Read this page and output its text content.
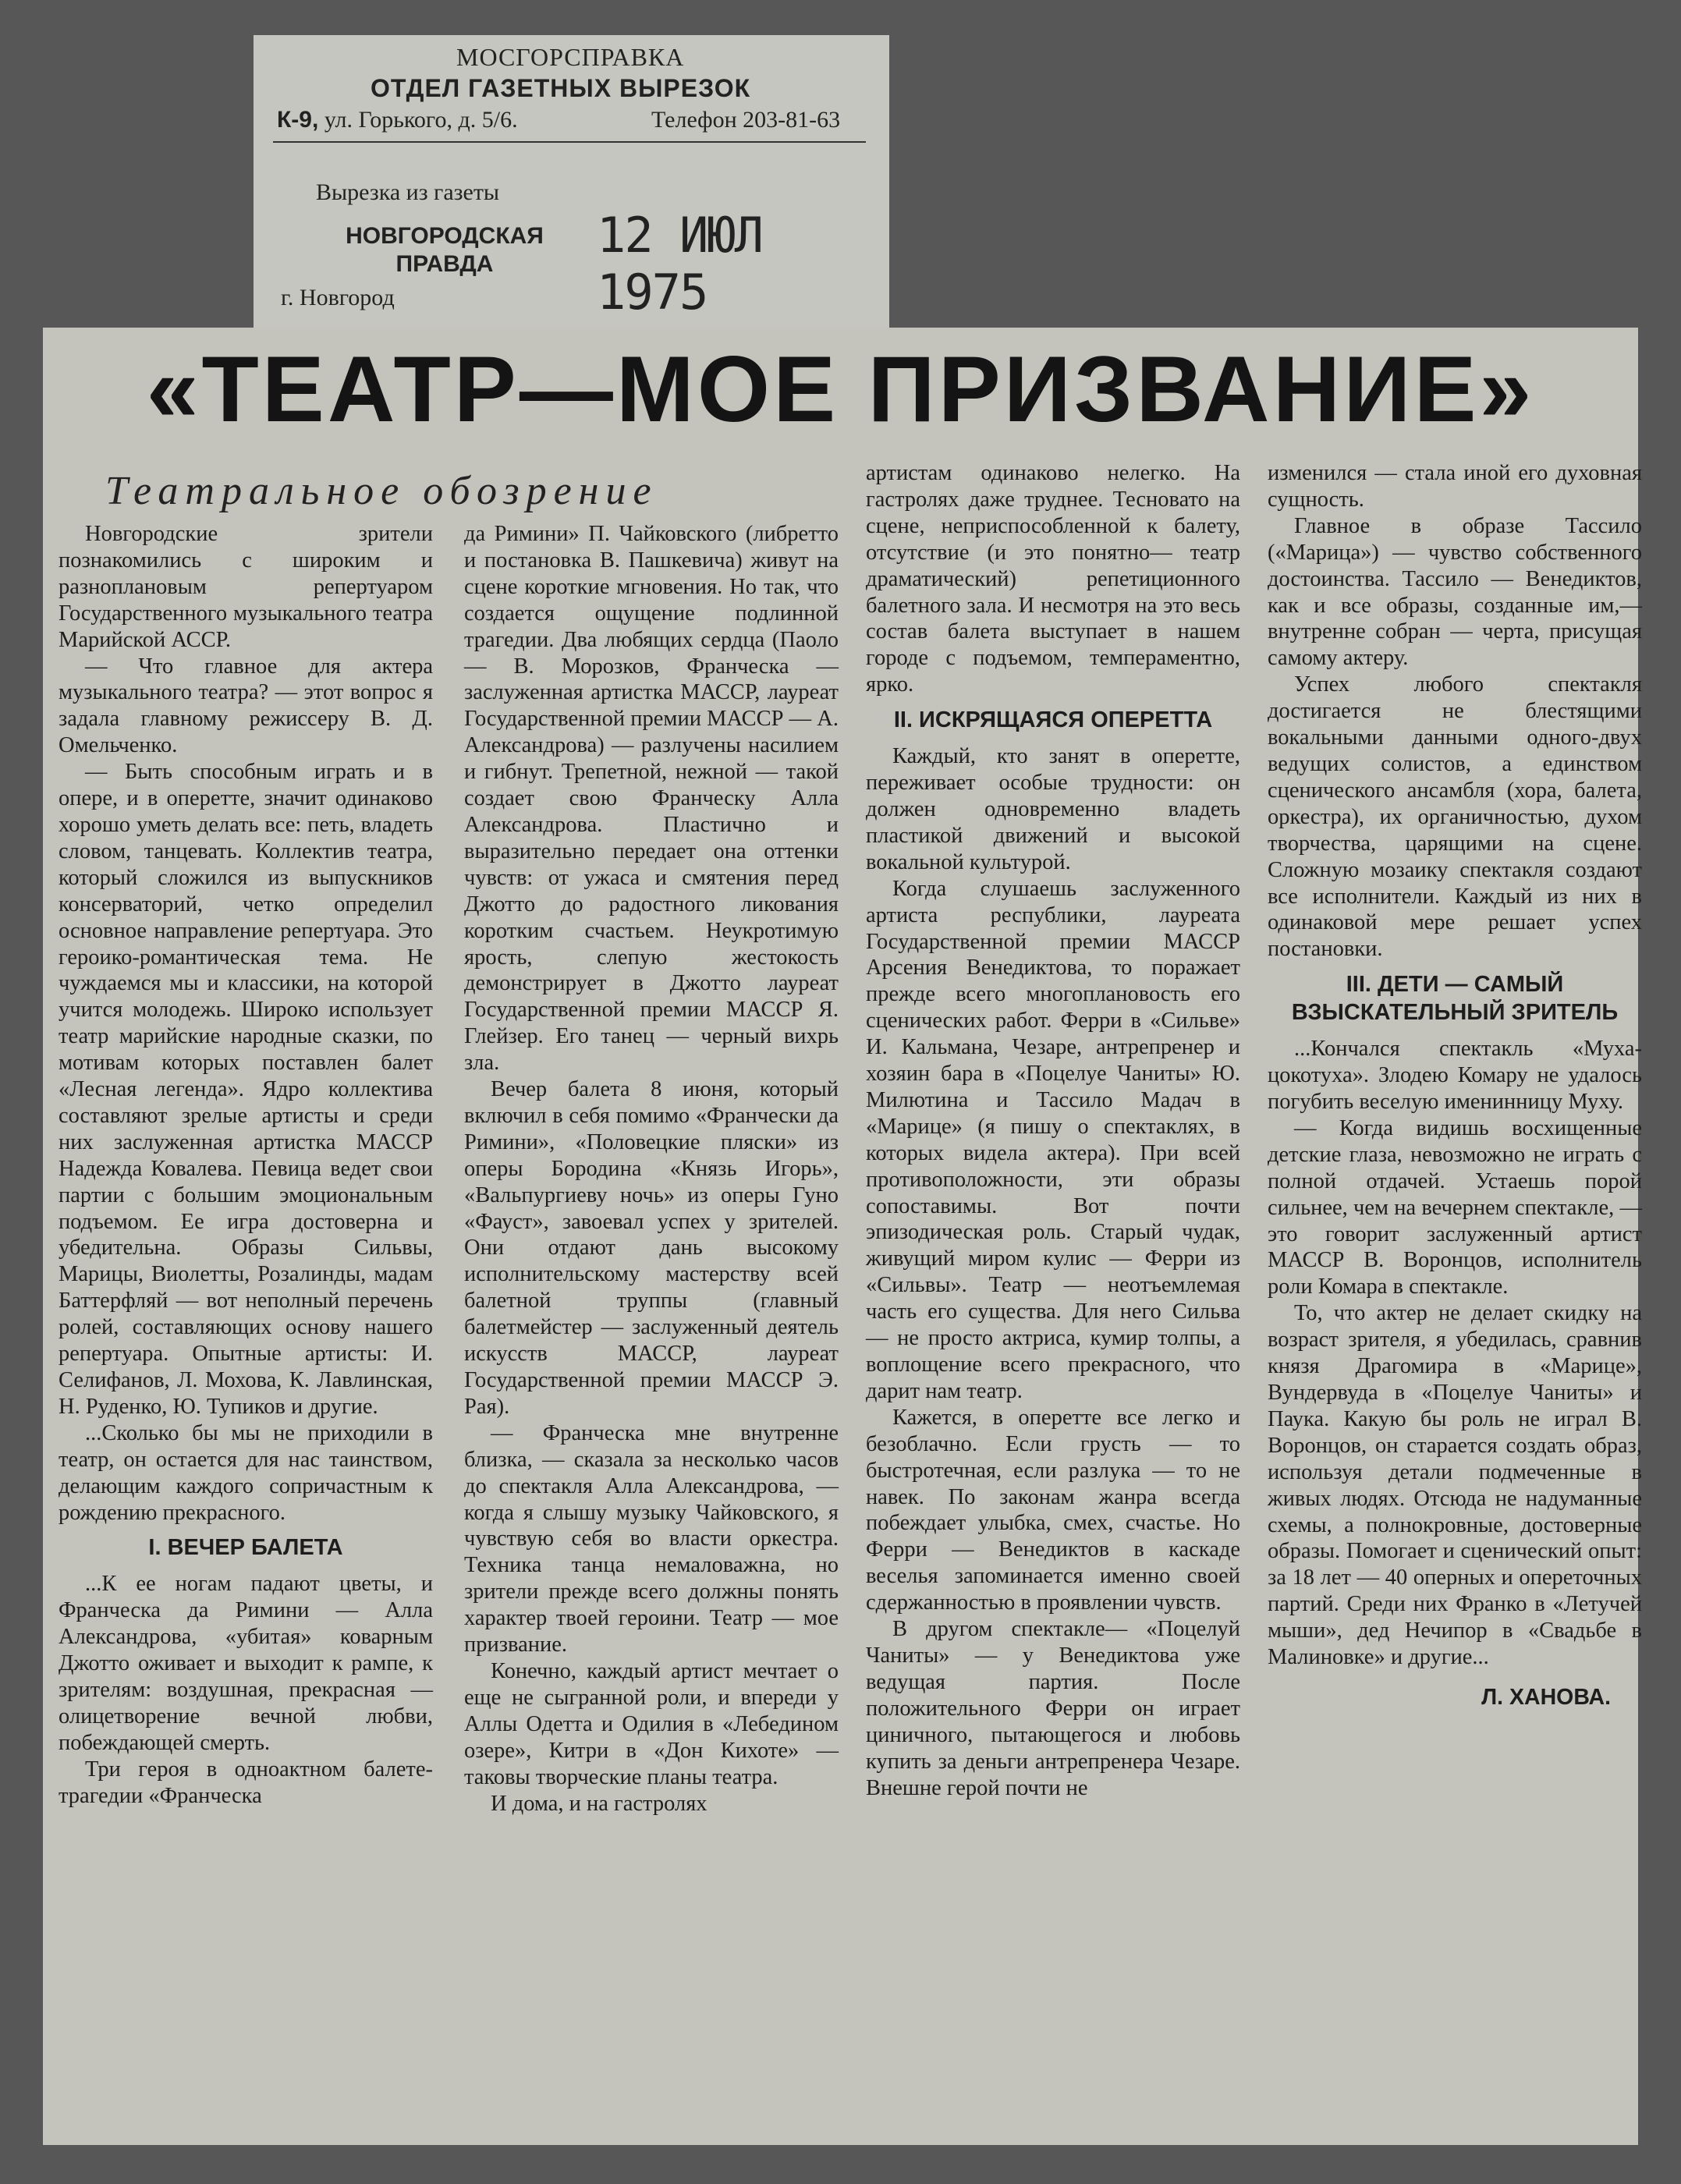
МОСГОРСПРАВКА
ОТДЕЛ ГАЗЕТНЫХ ВЫРЕЗОК
К-9, ул. Горького, д. 5/6.	Телефон 203-81-63
Вырезка из газеты
НОВГОРОДСКАЯ ПРАВДА
г. Новгород
12 ИЮЛ 1975
«ТЕАТР—МОЕ ПРИЗВАНИЕ»
Театральное обозрение

Новгородские зрители познакомились с широким и разноплановым репертуаром Государственного музыкального театра Марийской АССР.

— Что главное для актера музыкального театра? — этот вопрос я задала главному режиссеру В. Д. Омельченко.

— Быть способным играть и в опере, и в оперетте, значит одинаково хорошо уметь делать все: петь, владеть словом, танцевать. Коллектив театра, который сложился из выпускников консерваторий, четко определил основное направление репертуара. Это героико-романтическая тема. Не чуждаемся мы и классики, на которой учится молодежь. Широко использует театр марийские народные сказки, по мотивам которых поставлен балет «Лесная легенда». Ядро коллектива составляют зрелые артисты и среди них заслуженная артистка МАССР Надежда Ковалева. Певица ведет свои партии с большим эмоциональным подъемом. Ее игра достоверна и убедительна. Образы Сильвы, Марицы, Виолетты, Розалинды, мадам Баттерфляй — вот неполный перечень ролей, составляющих основу нашего репертуара. Опытные артисты: И. Селифанов, Л. Мохова, К. Лавлинская, Н. Руденко, Ю. Тупиков и другие.

...Сколько бы мы не приходили в театр, он остается для нас таинством, делающим каждого сопричастным к рождению прекрасного.

I. ВЕЧЕР БАЛЕТА

...К ее ногам падают цветы, и Франческа да Римини — Алла Александрова, «убитая» коварным Джотто оживает и выходит к рампе, к зрителям: воздушная, прекрасная — олицетворение вечной любви, побеждающей смерть.

Три героя в одноактном балете-трагедии «Франческа

да Римини» П. Чайковского (либретто и постановка В. Пашкевича) живут на сцене короткие мгновения. Но так, что создается ощущение подлинной трагедии. Два любящих сердца (Паоло — В. Морозков, Франческа — заслуженная артистка МАССР, лауреат Государственной премии МАССР — А. Александрова) — разлучены насилием и гибнут. Трепетной, нежной — такой создает свою Франческу Алла Александрова. Пластично и выразительно передает она оттенки чувств: от ужаса и смятения перед Джотто до радостного ликования коротким счастьем. Неукротимую ярость, слепую жестокость демонстрирует в Джотто лауреат Государственной премии МАССР Я. Глейзер. Его танец — черный вихрь зла.

Вечер балета 8 июня, который включил в себя помимо «Франчески да Римини», «Половецкие пляски» из оперы Бородина «Князь Игорь», «Вальпургиеву ночь» из оперы Гуно «Фауст», завоевал успех у зрителей. Они отдают дань высокому исполнительскому мастерству всей балетной труппы (главный балетмейстер — заслуженный деятель искусств МАССР, лауреат Государственной премии МАССР Э. Рая).

— Франческа мне внутренне близка, — сказала за несколько часов до спектакля Алла Александрова, — когда я слышу музыку Чайковского, я чувствую себя во власти оркестра. Техника танца немаловажна, но зрители прежде всего должны понять характер твоей героини. Театр — мое призвание.

Конечно, каждый артист мечтает о еще не сыгранной роли, и впереди у Аллы Одетта и Одилия в «Лебедином озере», Китри в «Дон Кихоте» — таковы творческие планы театра.

И дома, и на гастролях

артистам одинаково нелегко. На гастролях даже труднее. Тесновато на сцене, неприспособленной к балету, отсутствие (и это понятно— театр драматический) репетиционного балетного зала. И несмотря на это весь состав балета выступает в нашем городе с подъемом, темпераментно, ярко.

II. ИСКРЯЩАЯСЯ ОПЕРЕТТА

Каждый, кто занят в оперетте, переживает особые трудности: он должен одновременно владеть пластикой движений и высокой вокальной культурой.

Когда слушаешь заслуженного артиста республики, лауреата Государственной премии МАССР Арсения Венедиктова, то поражает прежде всего многоплановость его сценических работ. Ферри в «Сильве» И. Кальмана, Чезаре, антрепренер и хозяин бара в «Поцелуе Чаниты» Ю. Милютина и Тассило Мадач в «Марице» (я пишу о спектаклях, в которых видела актера). При всей противоположности, эти образы сопоставимы. Вот почти эпизодическая роль. Старый чудак, живущий миром кулис — Ферри из «Сильвы». Театр — неотъемлемая часть его существа. Для него Сильва — не просто актриса, кумир толпы, а воплощение всего прекрасного, что дарит нам театр.

Кажется, в оперетте все легко и безоблачно. Если грусть — то быстротечная, если разлука — то не навек. По законам жанра всегда побеждает улыбка, смех, счастье. Но Ферри — Венедиктов в каскаде веселья запоминается именно своей сдержанностью в проявлении чувств.

В другом спектакле— «Поцелуй Чаниты» — у Венедиктова уже ведущая партия. После положительного Ферри он играет циничного, пытающегося и любовь купить за деньги антрепренера Чезаре. Внешне герой почти не

изменился — стала иной его духовная сущность.

Главное в образе Тассило («Марица») — чувство собственного достоинства. Тассило — Венедиктов, как и все образы, созданные им,— внутренне собран — черта, присущая самому актеру.

Успех любого спектакля достигается не блестящими вокальными данными одного-двух ведущих солистов, а единством сценического ансамбля (хора, балета, оркестра), их органичностью, духом творчества, царящими на сцене. Сложную мозаику спектакля создают все исполнители. Каждый из них в одинаковой мере решает успех постановки.

III. ДЕТИ — САМЫЙ ВЗЫСКАТЕЛЬНЫЙ ЗРИТЕЛЬ

...Кончался спектакль «Муха-цокотуха». Злодею Комару не удалось погубить веселую именинницу Муху.

— Когда видишь восхищенные детские глаза, невозможно не играть с полной отдачей. Устаешь порой сильнее, чем на вечернем спектакле, — это говорит заслуженный артист МАССР В. Воронцов, исполнитель роли Комара в спектакле.

То, что актер не делает скидку на возраст зрителя, я убедилась, сравнив князя Драгомира в «Марице», Вундервуда в «Поцелуе Чаниты» и Паука. Какую бы роль не играл В. Воронцов, он старается создать образ, используя детали подмеченные в живых людях. Отсюда не надуманные схемы, а полнокровные, достоверные образы. Помогает и сценический опыт: за 18 лет — 40 оперных и опереточных партий. Среди них Франко в «Летучей мыши», дед Нечипор в «Свадьбе в Малиновке» и другие...

Л. ХАНОВА.
